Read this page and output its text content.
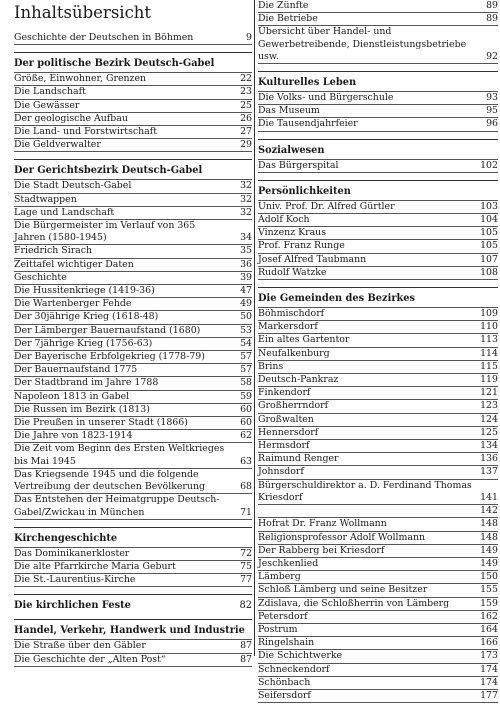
Inhaltsübersicht
Geschichte der Deutschen in Böhmen	9
Der politische Bezirk Deutsch-Gabel
Größe, Einwohner, Grenzen	22
Die Landschaft	23
Die Gewässer	25
Der geologische Aufbau	26
Die Land- und Forstwirtschaft	27
Die Geldverwalter	29
Der Gerichtsbezirk Deutsch-Gabel
Die Stadt Deutsch-Gabel	32
Stadtwappen	32
Lage und Landschaft	32
Die Bürgermeister im Verlauf von 365 Jahren (1580-1945)	34
Friedrich Sirach	35
Zeittafel wichtiger Daten	36
Geschichte	39
Die Hussitenkriege (1419-36)	47
Die Wartenberger Fehde	49
Der 30jährige Krieg (1618-48)	50
Der Lämberger Bauernaufstand (1680)	53
Der 7jährige Krieg (1756-63)	54
Der Bayerische Erbfolgekrieg (1778-79)	57
Der Bauernaufstand 1775	57
Der Stadtbrand im Jahre 1788	58
Napoleon 1813 in Gabel	59
Die Russen im Bezirk (1813)	60
Die Preußen in unserer Stadt (1866)	60
Die Jahre von 1823-1914	62
Die Zeit vom Beginn des Ersten Weltkrieges bis Mai 1945	63
Das Kriegsende 1945 und die folgende Vertreibung der deutschen Bevölkerung	68
Das Entstehen der Heimatgruppe Deutsch-Gabel/Zwickau in München	71
Kirchengeschichte
Das Dominikanerkloster	72
Die alte Pfarrkirche Maria Geburt	75
Die St.-Laurentius-Kirche	77
Die kirchlichen Feste	82
Handel, Verkehr, Handwerk und Industrie
Die Straße über den Gäbler	87
Die Geschichte der „Alten Post“	87
Die Zünfte	89
Die Betriebe	89
Übersicht über Handel- und Gewerbetreibende, Dienstleistungsbetriebe usw.	92
Kulturelles Leben
Die Volks- und Bürgerschule	93
Das Museum	95
Die Tausendjahrfeier	96
Sozialwesen
Das Bürgerspital	102
Persönlichkeiten
Univ. Prof. Dr. Alfred Gürtler	103
Adolf Koch	104
Vinzenz Kraus	105
Prof. Franz Runge	105
Josef Alfred Taubmann	107
Rudolf Watzke	108
Die Gemeinden des Bezirkes
Böhmischdorf	109
Markersdorf	110
Ein altes Gartentor	113
Neufalkenburg	114
Brins	115
Deutsch-Pankraz	119
Finkendorf	121
Großherrndorf	123
Großwalten	124
Hennersdorf	125
Hermsdorf	134
Raimund Renger	136
Johnsdorf	137
Bürgerschuldirektor a. D. Ferdinand Thomas Kriesdorf	141
142
Hofrat Dr. Franz Wollmann	148
Religionsprofessor Adolf Wollmann	148
Der Rabberg bei Kriesdorf	149
Jeschkenlied	149
Lämberg	150
Schloß Lämberg und seine Besitzer	155
Zdislava, die Schloßherrin von Lämberg	159
Petersdorf	162
Postrum	164
Ringelshain	166
Die Schichtwerke	173
Schneckendorf	174
Schönbach	174
Seifersdorf	177
